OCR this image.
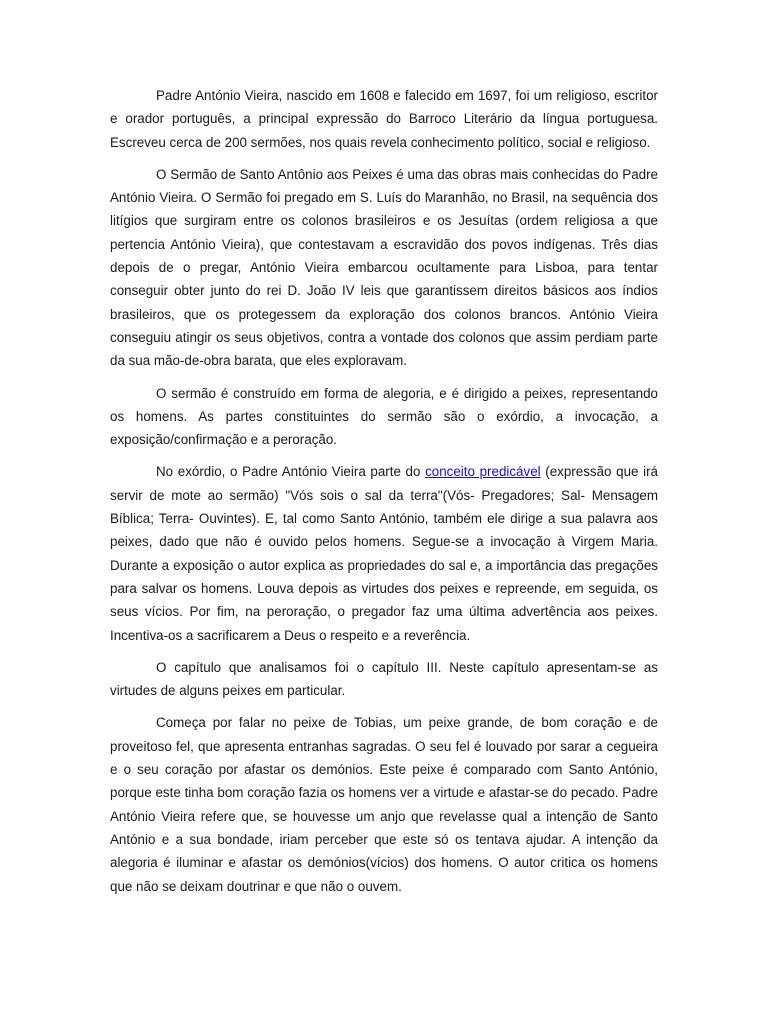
Padre António Vieira, nascido em 1608 e falecido em 1697, foi um religioso, escritor e orador português, a principal expressão do Barroco Literário da língua portuguesa. Escreveu cerca de 200 sermões, nos quais revela conhecimento político, social e religioso.

O Sermão de Santo Antônio aos Peixes é uma das obras mais conhecidas do Padre António Vieira. O Sermão foi pregado em S. Luís do Maranhão, no Brasil, na sequência dos litígios que surgiram entre os colonos brasileiros e os Jesuítas (ordem religiosa a que pertencia António Vieira), que contestavam a escravidão dos povos indígenas. Três dias depois de o pregar, António Vieira embarcou ocultamente para Lisboa, para tentar conseguir obter junto do rei D. João IV leis que garantissem direitos básicos aos índios brasileiros, que os protegessem da exploração dos colonos brancos. António Vieira conseguiu atingir os seus objetivos, contra a vontade dos colonos que assim perdiam parte da sua mão-de-obra barata, que eles exploravam.

O sermão é construído em forma de alegoria, e é dirigido a peixes, representando os homens. As partes constituintes do sermão são o exórdio, a invocação, a exposição/confirmação e a peroração.

No exórdio, o Padre António Vieira parte do conceito predicável (expressão que irá servir de mote ao sermão) "Vós sois o sal da terra"(Vós- Pregadores; Sal- Mensagem Bíblica; Terra- Ouvintes). E, tal como Santo António, também ele dirige a sua palavra aos peixes, dado que não é ouvido pelos homens. Segue-se a invocação à Virgem Maria. Durante a exposição o autor explica as propriedades do sal e, a importância das pregações para salvar os homens. Louva depois as virtudes dos peixes e repreende, em seguida, os seus vícios. Por fim, na peroração, o pregador faz uma última advertência aos peixes. Incentiva-os a sacrificarem a Deus o respeito e a reverência.

O capítulo que analisamos foi o capítulo III. Neste capítulo apresentam-se as virtudes de alguns peixes em particular.

Começa por falar no peixe de Tobias, um peixe grande, de bom coração e de proveitoso fel, que apresenta entranhas sagradas. O seu fel é louvado por sarar a cegueira e o seu coração por afastar os demónios. Este peixe é comparado com Santo António, porque este tinha bom coração fazia os homens ver a virtude e afastar-se do pecado. Padre António Vieira refere que, se houvesse um anjo que revelasse qual a intenção de Santo António e a sua bondade, iriam perceber que este só os tentava ajudar. A intenção da alegoria é iluminar e afastar os demónios(vícios) dos homens. O autor critica os homens que não se deixam doutrinar e que não o ouvem.
